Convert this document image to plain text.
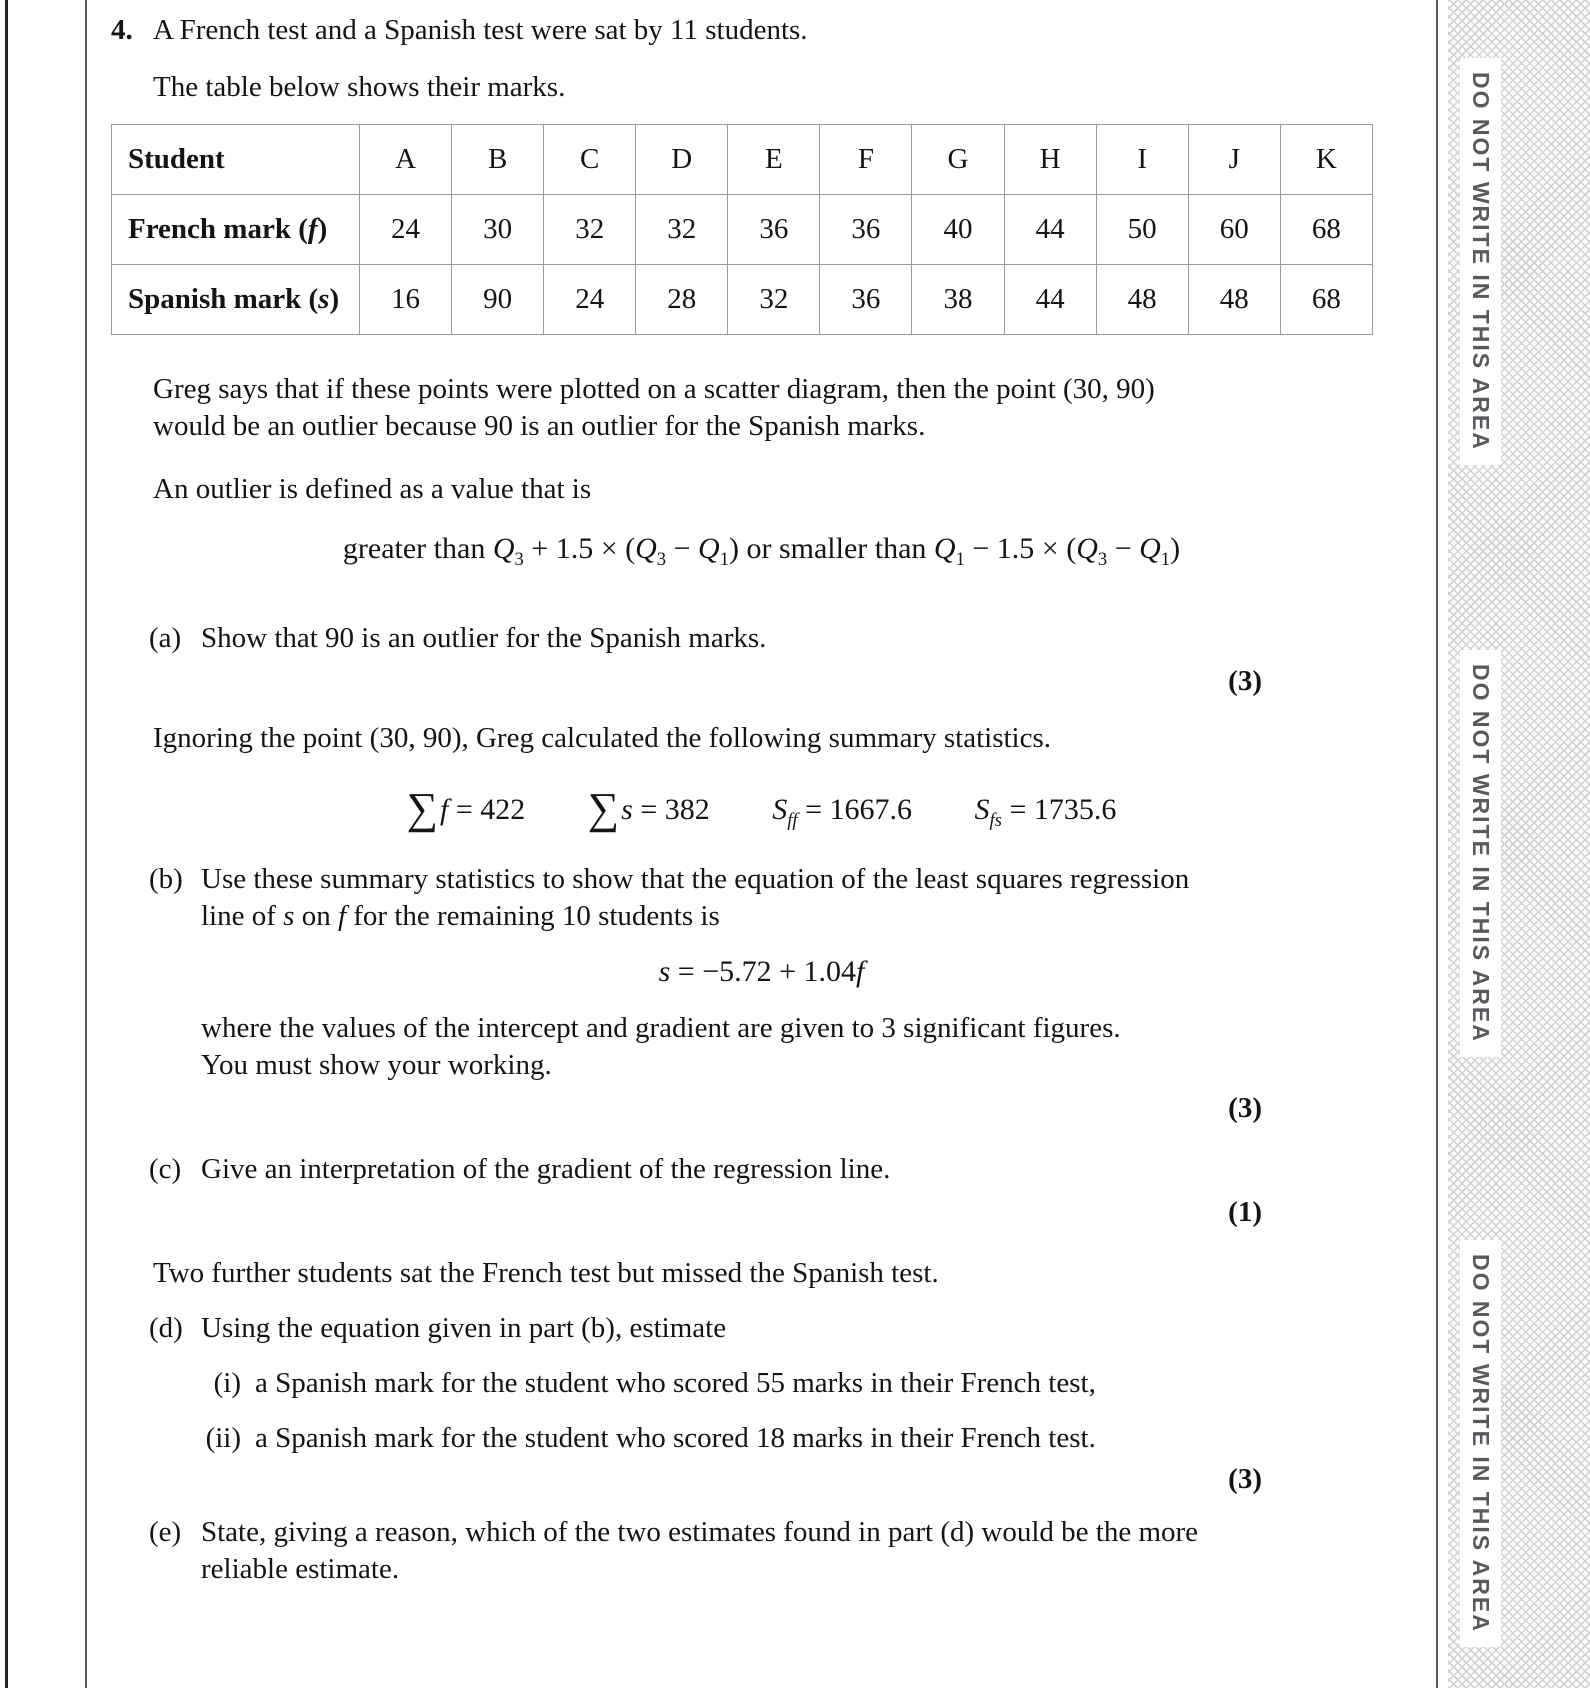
4. A French test and a Spanish test were sat by 11 students.
The table below shows their marks.
Student	A	B	C	D	E	F	G	H	I	J	K
French mark (f)	24	30	32	32	36	36	40	44	50	60	68
Spanish mark (s)	16	90	24	28	32	36	38	44	48	48	68
Greg says that if these points were plotted on a scatter diagram, then the point (30, 90) would be an outlier because 90 is an outlier for the Spanish marks.
An outlier is defined as a value that is
greater than $Q_3 + 1.5 \times (Q_3 - Q_1)$ or smaller than $Q_1 - 1.5 \times (Q_3 - Q_1)$
(a) Show that 90 is an outlier for the Spanish marks.
(3)
Ignoring the point (30, 90), Greg calculated the following summary statistics.
∑f = 422 ∑s = 382 $S_{ff} = 1667.6$ $S_{fs} = 1735.6$
(b) Use these summary statistics to show that the equation of the least squares regression line of s on f for the remaining 10 students is
s = −5.72 + 1.04f
where the values of the intercept and gradient are given to 3 significant figures.
You must show your working.
(3)
(c) Give an interpretation of the gradient of the regression line.
(1)
Two further students sat the French test but missed the Spanish test.
(d) Using the equation given in part (b), estimate
(i) a Spanish mark for the student who scored 55 marks in their French test,
(ii) a Spanish mark for the student who scored 18 marks in their French test.
(3)
(e) State, giving a reason, which of the two estimates found in part (d) would be the more reliable estimate.
DO NOT WRITE IN THIS AREA
DO NOT WRITE IN THIS AREA
DO NOT WRITE IN THIS AREA
